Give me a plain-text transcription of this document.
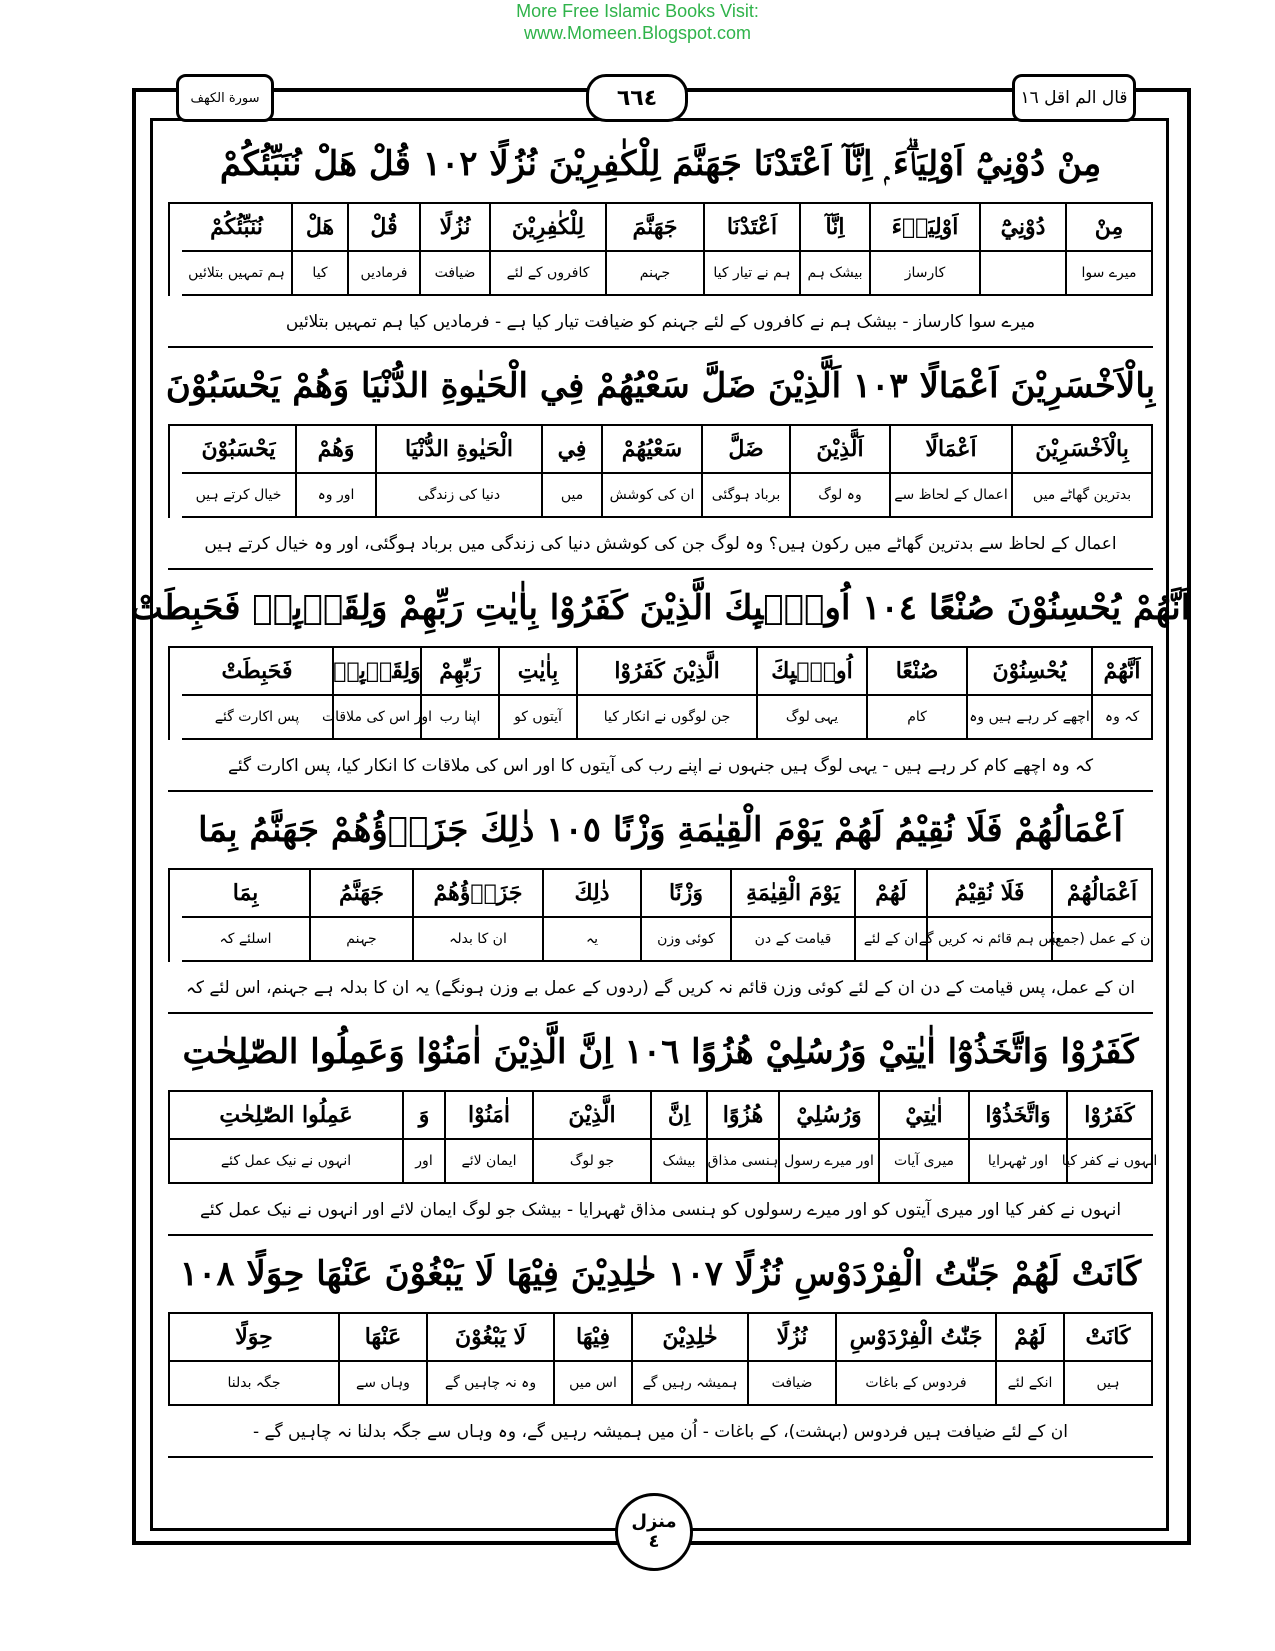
More Free Islamic Books Visit:
www.Momeen.Blogspot.com
سورة الكهف	٦٦٤	قال الم اقل ١٦
مِنْ دُوْنِيْٓ اَوْلِيَاۗءَ ۭ اِنَّآ اَعْتَدْنَا جَهَنَّمَ لِلْكٰفِرِيْنَ نُزُلًا ١٠٢ قُلْ هَلْ نُنَبِّئُكُمْ
مِنْ
میرے سوا
دُوْنِيْٓ
اَوْلِيَاۗءَ
کارساز
اِنَّآ
بیشک ہم
اَعْتَدْنَا
ہم نے تیار کیا
جَهَنَّمَ
جہنم
لِلْكٰفِرِيْنَ
کافروں کے لئے
نُزُلًا
ضیافت
قُلْ
فرمادیں
هَلْ
کیا
نُنَبِّئُكُمْ
ہم تمہیں بتلائیں
میرے سوا کارساز - بیشک ہم نے کافروں کے لئے جہنم کو ضیافت تیار کیا ہے - فرمادیں کیا ہم تمہیں بتلائیں
بِالْاَخْسَرِيْنَ اَعْمَالًا ١٠٣ اَلَّذِيْنَ ضَلَّ سَعْيُهُمْ فِي الْحَيٰوةِ الدُّنْيَا وَهُمْ يَحْسَبُوْنَ
بِالْاَخْسَرِيْنَ
بدترین گھاٹے میں
اَعْمَالًا
اعمال کے لحاظ سے
اَلَّذِيْنَ
وہ لوگ
ضَلَّ
برباد ہوگئی
سَعْيُهُمْ
ان کی کوشش
فِي
میں
الْحَيٰوةِ الدُّنْيَا
دنیا کی زندگی
وَهُمْ
اور وہ
يَحْسَبُوْنَ
خیال کرتے ہیں
اعمال کے لحاظ سے بدترین گھاٹے میں رکون ہیں؟ وہ لوگ جن کی کوشش دنیا کی زندگی میں برباد ہوگئی، اور وہ خیال کرتے ہیں
اَنَّهُمْ يُحْسِنُوْنَ صُنْعًا ١٠٤ اُولٰۗىِٕكَ الَّذِيْنَ كَفَرُوْا بِاٰيٰتِ رَبِّهِمْ وَلِقَاۗىِٕهٖ فَحَبِطَتْ
اَنَّهُمْ
کہ وہ
يُحْسِنُوْنَ
اچھے کر رہے ہیں وہ
صُنْعًا
کام
اُولٰۗىِٕكَ
یہی لوگ
الَّذِيْنَ كَفَرُوْا
جن لوگوں نے انکار کیا
بِاٰيٰتِ
آیتوں کو
رَبِّهِمْ
اپنا رب
وَلِقَاۗىِٕهٖ
اور اس کی ملاقات
فَحَبِطَتْ
پس اکارت گئے
کہ وہ اچھے کام کر رہے ہیں - یہی لوگ ہیں جنہوں نے اپنے رب کی آیتوں کا اور اس کی ملاقات کا انکار کیا، پس اکارت گئے
اَعْمَالُهُمْ فَلَا نُقِيْمُ لَهُمْ يَوْمَ الْقِيٰمَةِ وَزْنًا ١٠٥ ذٰلِكَ جَزَاۗؤُهُمْ جَهَنَّمُ بِمَا
اَعْمَالُهُمْ
ان کے عمل (جمع)
فَلَا نُقِيْمُ
پس ہم قائم نہ کریں گے
لَهُمْ
ان کے لئے
يَوْمَ الْقِيٰمَةِ
قیامت کے دن
وَزْنًا
کوئی وزن
ذٰلِكَ
یہ
جَزَاۗؤُهُمْ
ان کا بدلہ
جَهَنَّمُ
جہنم
بِمَا
اسلئے کہ
ان کے عمل، پس قیامت کے دن ان کے لئے کوئی وزن قائم نہ کریں گے (ردوں کے عمل بے وزن ہونگے) یہ ان کا بدلہ ہے جہنم، اس لئے کہ
كَفَرُوْا وَاتَّخَذُوْٓا اٰيٰتِيْ وَرُسُلِيْ هُزُوًا ١٠٦ اِنَّ الَّذِيْنَ اٰمَنُوْا وَعَمِلُوا الصّٰلِحٰتِ
كَفَرُوْا
انہوں نے کفر کیا
وَاتَّخَذُوْٓا
اور ٹھہرایا
اٰيٰتِيْ
میری آیات
وَرُسُلِيْ
اور میرے رسول
هُزُوًا
ہنسی مذاق
اِنَّ
بیشک
الَّذِيْنَ
جو لوگ
اٰمَنُوْا
ایمان لائے
وَ
اور
عَمِلُوا الصّٰلِحٰتِ
انہوں نے نیک عمل کئے
انہوں نے کفر کیا اور میری آیتوں کو اور میرے رسولوں کو ہنسی مذاق ٹھہرایا - بیشک جو لوگ ایمان لائے اور انہوں نے نیک عمل کئے
كَانَتْ لَهُمْ جَنّٰتُ الْفِرْدَوْسِ نُزُلًا ١٠٧ خٰلِدِيْنَ فِيْهَا لَا يَبْغُوْنَ عَنْهَا حِوَلًا ١٠٨
كَانَتْ
ہیں
لَهُمْ
انکے لئے
جَنّٰتُ الْفِرْدَوْسِ
فردوس کے باغات
نُزُلًا
ضیافت
خٰلِدِيْنَ
ہمیشہ رہیں گے
فِيْهَا
اس میں
لَا يَبْغُوْنَ
وہ نہ چاہیں گے
عَنْهَا
وہاں سے
حِوَلًا
جگہ بدلنا
ان کے لئے ضیافت ہیں فردوس (بہشت)، کے باغات - اُن میں ہمیشہ رہیں گے، وہ وہاں سے جگہ بدلنا نہ چاہیں گے -
منزل
٤
